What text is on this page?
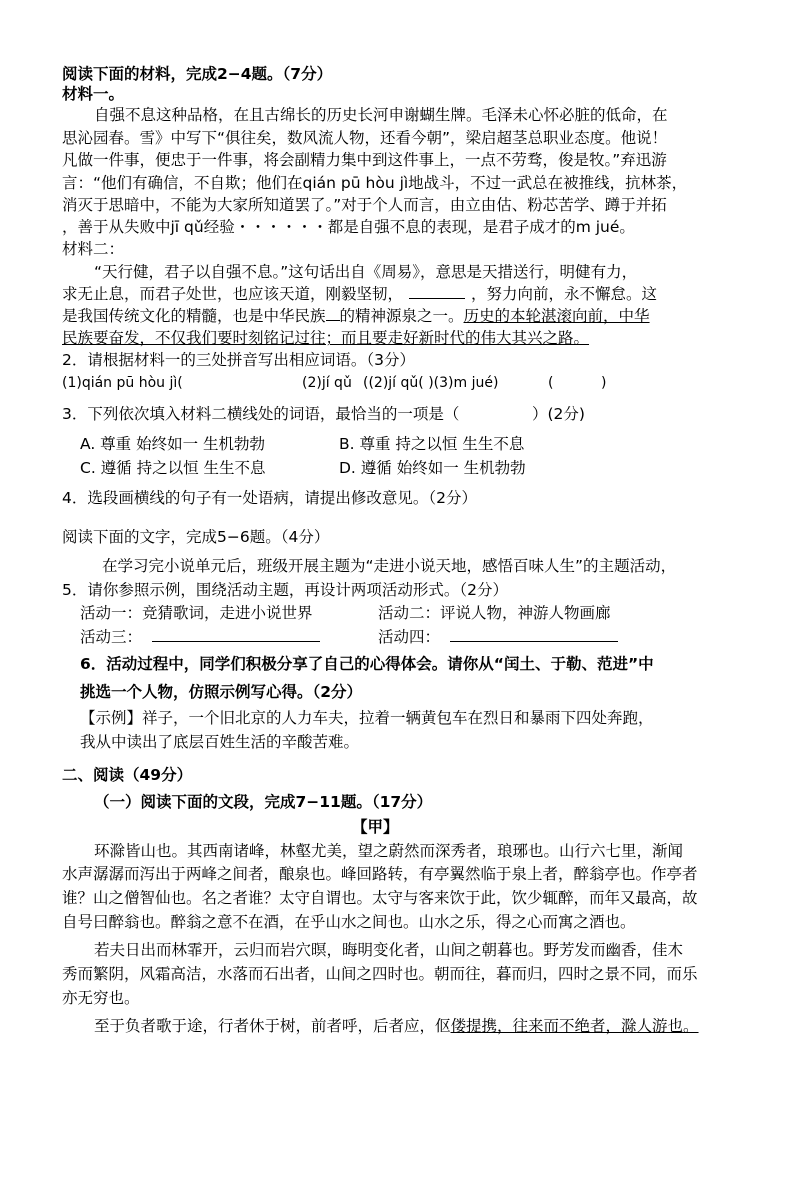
阅读下面的材料，完成2−4题。（7分）
材料一。
自强不息这种品格，在且古绵长的历史长河申谢蝴生牌。毛泽未心怀必脏的低命，在
思沁园春。雪》中写下“俱往矣，数风流人物，还看今朝”，梁启超茎总职业态度。他说！
凡做一件事，便忠于一件事，将会副精力集中到这件事上，一点不劳骛，俊是牧。”弃迅游
言：“他们有确信，不自欺；他们在qián pū hòu jì地战斗，不过一武总在被推线，抗林茶，
消灭于思暗中，不能为大家所知道罢了。”对于个人而言，由立由估、粉芯苦学、蹲于并拓
，善于从失败中jī qǔ经验・・・・・・都是自强不息的表现，是君子成才的m jué。
材料二：
“天行健，君子以自强不息。”这句话出自《周易》，意思是天措送行，明健有力，
求无止息，而君子处世，也应该天道，刚毅坚韧，	，努力向前，永不懈怠。这
是我国传统文化的精髓，也是中华民族 的精神源泉之一。历史的本轮湛滚向前，中华
民族要奋发，不仅我们要时刻铭记过往；而且要走好新时代的伟大其兴之路。
2．请根据材料一的三处拼音写出相应词语。（3分）
(1)qián pū hòu jì(	(2)jí qǔ ((2)jí qǔ( )(3)m jué)	(	)
3．下列依次填入材料二横线处的词语，最恰当的一项是（	）(2分)
A. 尊重 始终如一 生机勃勃	B. 尊重 持之以恒 生生不息
C. 遵循 持之以恒 生生不息	D. 遵循 始终如一 生机勃勃
4．选段画横线的句子有一处语病，请提出修改意见。（2分）
阅读下面的文字，完成5−6题。（4分）
在学习完小说单元后，班级开展主题为“走进小说天地，感悟百味人生”的主题活动，
5．请你参照示例，围绕活动主题，再设计两项活动形式。（2分）
活动一：竞猜歌词，走进小说世界	活动二：评说人物，神游人物画廊
活动三：	活动四：
6．活动过程中，同学们积极分享了自己的心得体会。请你从“闰土、于勒、范进”中
挑选一个人物，仿照示例写心得。（2分）
【示例】祥子，一个旧北京的人力车夫，拉着一辆黄包车在烈日和暴雨下四处奔跑，
我从中读出了底层百姓生活的辛酸苦难。
二、阅读（49分）
（一）阅读下面的文段，完成7−11题。（17分）
【甲】
环滁皆山也。其西南诸峰，林壑尤美，望之蔚然而深秀者，琅琊也。山行六七里，渐闻
水声潺潺而泻出于两峰之间者，酿泉也。峰回路转，有亭翼然临于泉上者，醉翁亭也。作亭者
谁？山之僧智仙也。名之者谁？太守自谓也。太守与客来饮于此，饮少辄醉，而年又最高，故
自号曰醉翁也。醉翁之意不在酒，在乎山水之间也。山水之乐，得之心而寓之酒也。
若夫日出而林霏开，云归而岩穴暝，晦明变化者，山间之朝暮也。野芳发而幽香，佳木
秀而繁阴，风霜高洁，水落而石出者，山间之四时也。朝而往，暮而归，四时之景不同，而乐
亦无穷也。
至于负者歌于途，行者休于树，前者呼，后者应，伛偻提携，往来而不绝者，滁人游也。
